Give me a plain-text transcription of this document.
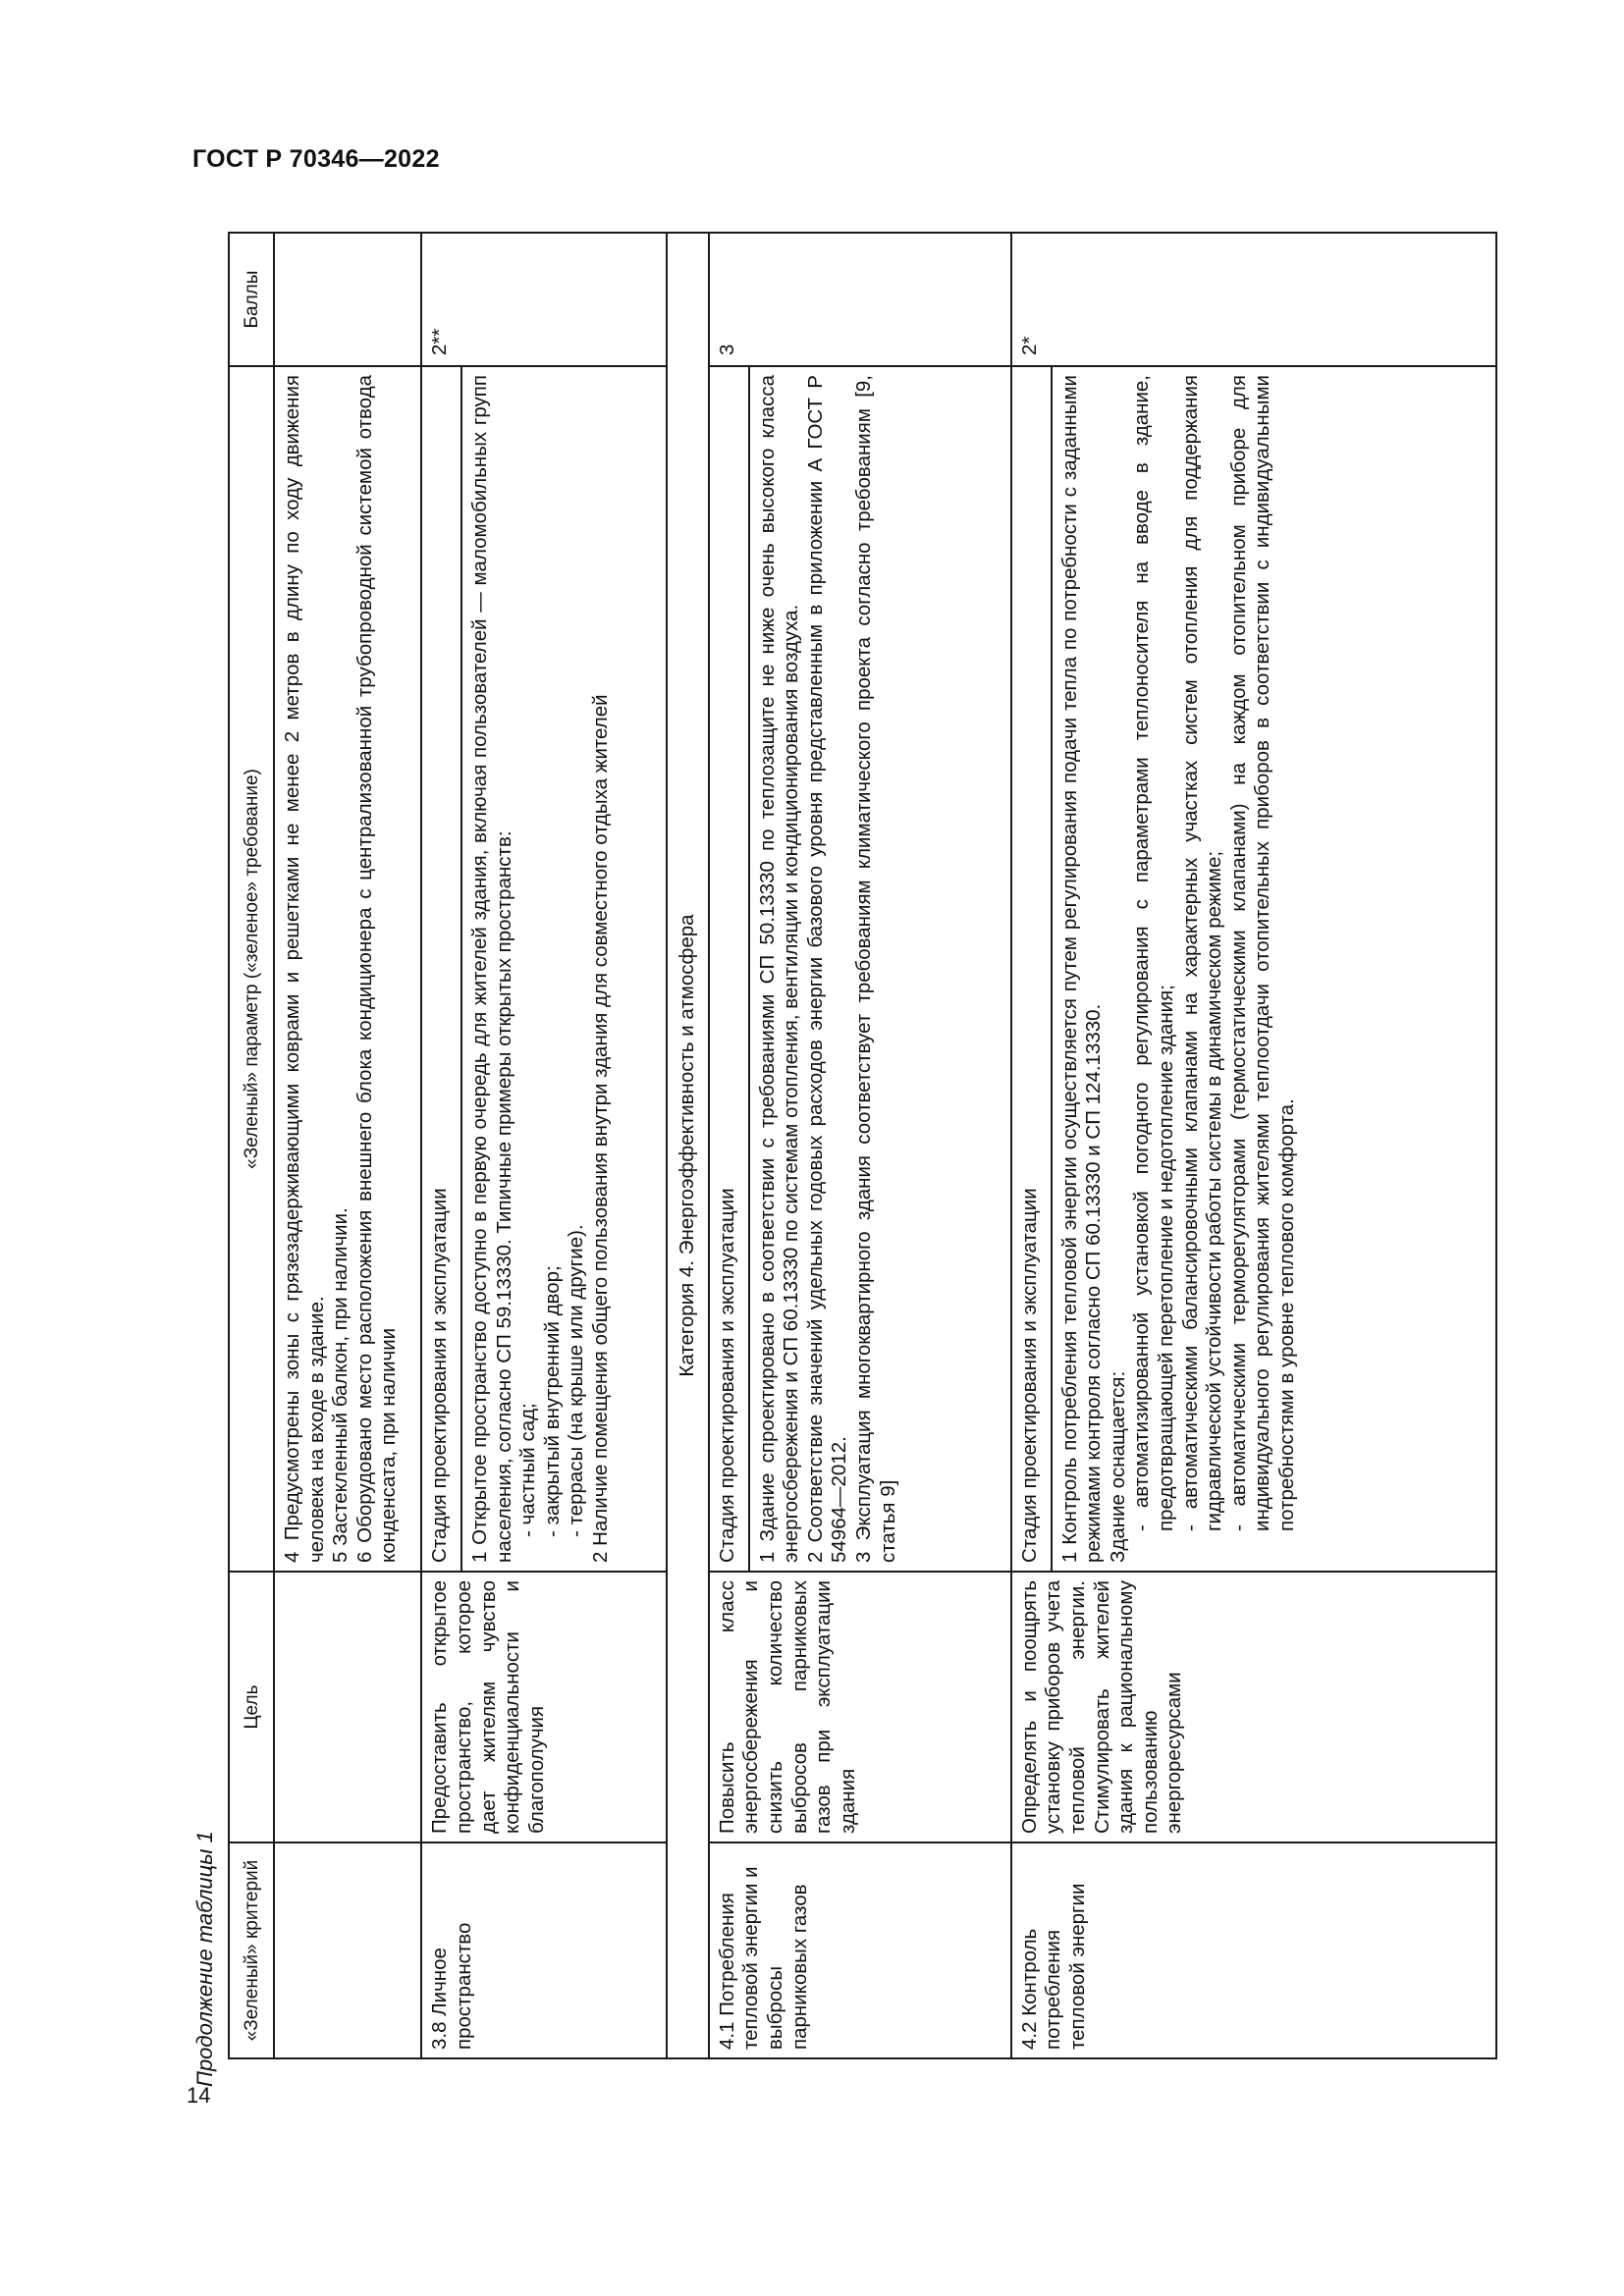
ГОСТ Р 70346—2022
14
Продолжение таблицы 1 «Зеленый» критерий	Цель	«Зеленый» параметр («зеленое» требование)	Баллы

		4 Предусмотрены зоны с грязезадерживающими коврами и решетками не менее 2 метров в длину по ходу движения человека на входе в здание. 5 Застекленный балкон, при наличии. 6 Оборудовано место расположения внешнего блока кондиционера с централизованной трубопроводной системой отвода конденсата, при наличии	

3.8 Личное пространство	Предоставить открытое пространство, которое дает жителям чувство конфиденциальности и благополучия	Стадия проектирования и эксплуатации	2**

		1 Открытое пространство доступно в первую очередь для жителей здания, включая пользователей — маломобильных групп населения, согласно СП 59.13330. Типичные примеры открытых пространств: - частный сад; - закрытый внутренний двор; - террасы (на крыше или другие). 2 Наличие помещения общего пользования внутри здания для совместного отдыха жителей	

Категория 4. Энергоэффективность и атмосфера			
4.1 Потребления тепловой энергии и выбросы парниковых газов	Повысить класс энергосбережения и снизить количество выбросов парниковых газов при эксплуатации здания	Стадия проектирования и эксплуатации	3

		1 Здание спроектировано в соответствии с требованиями СП 50.13330 по теплозащите не ниже очень высокого класса энергосбережения и СП 60.13330 по системам отопления, вентиляции и кондиционирования воздуха. 2 Соответствие значений удельных годовых расходов энергии базового уровня представленным в приложении А ГОСТ Р 54964—2012. 3 Эксплуатация многоквартирного здания соответствует требованиям климатического проекта согласно требованиям [9, статья 9]	

4.2 Контроль потребления тепловой энергии	Определять и поощрять установку приборов учета тепловой энергии. Стимулировать жителей здания к рациональному пользованию энергоресурсами	Стадия проектирования и эксплуатации	2*

		1 Контроль потребления тепловой энергии осуществляется путем регулирования подачи тепла по потребности с заданными режимами контроля согласно СП 60.13330 и СП 124.13330. Здание оснащается: - автоматизированной установкой погодного регулирования с параметрами теплоносителя на вводе в здание, предотвращающей перетопление и недотопление здания; - автоматическими балансировочными клапанами на характерных участках систем отопления для поддержания гидравлической устойчивости работы системы в динамическом режиме; - автоматическими терморегуляторами (термостатическими клапанами) на каждом отопительном приборе для индивидуального регулирования жителями теплоотдачи отопительных приборов в соответствии с индивидуальными потребностями в уровне теплового комфорта.	
